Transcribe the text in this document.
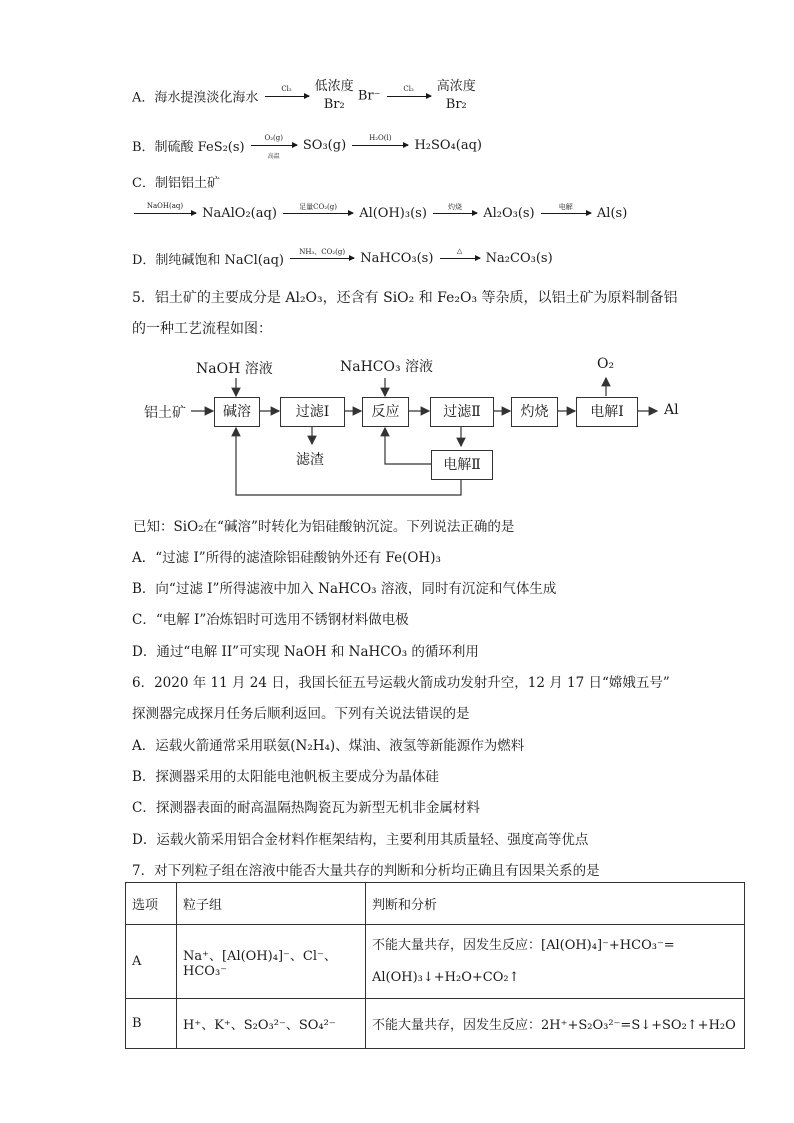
A．海水提溴淡化海水
Cl₂	低浓度
Br₂ Br⁻	Cl₂	高浓度
Br₂
B．制硫酸 FeS₂(s)
O₂(g)
高温
SO₃(g)	H₂O(l)	H₂SO₄(aq)
C．制铝铝土矿
NaOH(aq)	NaAlO₂(aq)	足量CO₂(g)	Al(OH)₃(s)	灼烧	Al₂O₃(s)	电解	Al(s)
D．制纯碱饱和 NaCl(aq)
NH₃、CO₂(g)	NaHCO₃(s)	△	Na₂CO₃(s)
5．铝土矿的主要成分是 Al₂O₃，还含有 SiO₂ 和 Fe₂O₃ 等杂质，以铝土矿为原料制备铝
的一种工艺流程如图：
铝土矿
NaOH 溶液	NaHCO₃ 溶液	O₂
Al
滤渣
碱溶	过滤Ⅰ	反应	过滤Ⅱ	灼烧	电解Ⅰ
电解Ⅱ
已知：SiO₂在“碱溶”时转化为铝硅酸钠沉淀。下列说法正确的是
A．“过滤 I”所得的滤渣除铝硅酸钠外还有 Fe(OH)₃
B．向“过滤 I”所得滤液中加入 NaHCO₃ 溶液，同时有沉淀和气体生成
C．“电解 I”冶炼铝时可选用不锈钢材料做电极
D．通过“电解 II”可实现 NaOH 和 NaHCO₃ 的循环利用
6．2020 年 11 月 24 日，我国长征五号运载火箭成功发射升空，12 月 17 日“嫦娥五号”
探测器完成探月任务后顺利返回。下列有关说法错误的是
A．运载火箭通常采用联氨(N₂H₄)、煤油、液氢等新能源作为燃料
B．探测器采用的太阳能电池帆板主要成分为晶体硅
C．探测器表面的耐高温隔热陶瓷瓦为新型无机非金属材料
D．运载火箭采用铝合金材料作框架结构，主要利用其质量轻、强度高等优点
7．对下列粒子组在溶液中能否大量共存的判断和分析均正确且有因果关系的是
选项	粒子组	判断和分析
A	Na⁺、[Al(OH)₄]⁻、Cl⁻、HCO₃⁻	不能大量共存，因发生反应：[Al(OH)₄]⁻+HCO₃⁻=
Al(OH)₃↓+H₂O+CO₂↑
B	H⁺、K⁺、S₂O₃²⁻、SO₄²⁻	不能大量共存，因发生反应：2H⁺+S₂O₃²⁻=S↓+SO₂↑+H₂O
